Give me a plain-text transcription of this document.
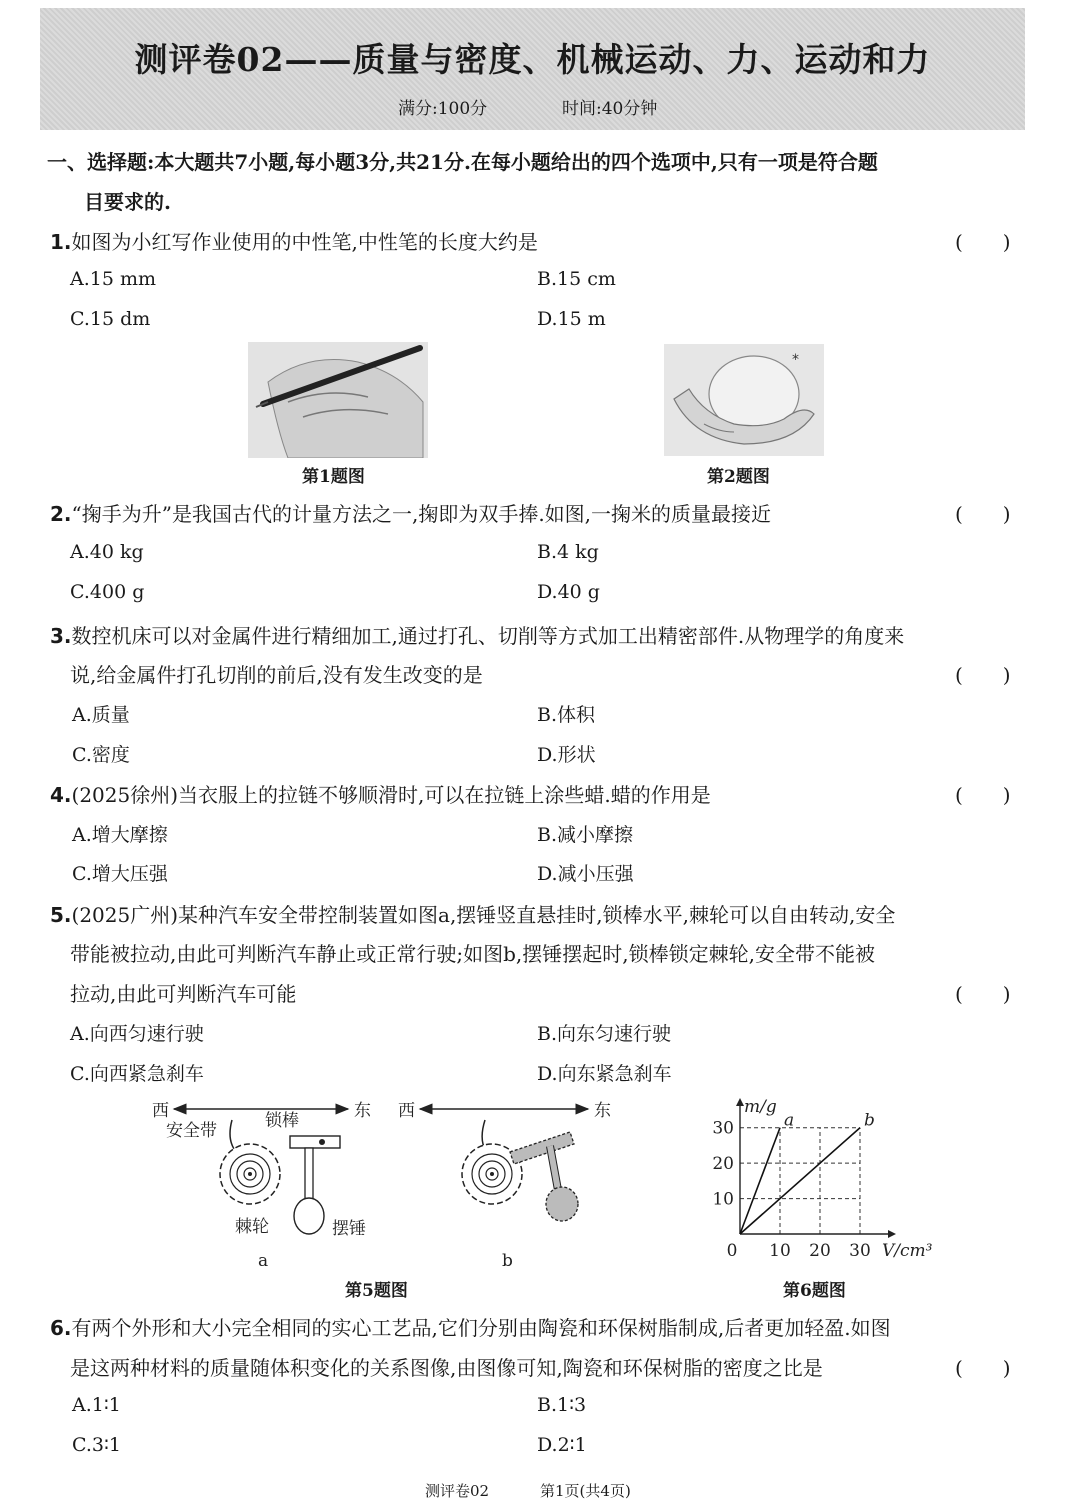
测评卷02——质量与密度、机械运动、力、运动和力
满分:100分	时间:40分钟
一、选择题:本大题共7小题,每小题3分,共21分.在每小题给出的四个选项中,只有一项是符合题
目要求的.
1.如图为小红写作业使用的中性笔,中性笔的长度大约是	(　　)
A.15 mm	B.15 cm
C.15 dm	D.15 m
第1题图
*
第2题图
2.“掬手为升”是我国古代的计量方法之一,掬即为双手捧.如图,一掬米的质量最接近	(　　)
A.40 kg	B.4 kg
C.400 g	D.40 g
3.数控机床可以对金属件进行精细加工,通过打孔、切削等方式加工出精密部件.从物理学的角度来
说,给金属件打孔切削的前后,没有发生改变的是	(　　)
A.质量	B.体积
C.密度	D.形状
4.(2025徐州)当衣服上的拉链不够顺滑时,可以在拉链上涂些蜡.蜡的作用是	(　　)
A.增大摩擦	B.减小摩擦
C.增大压强	D.减小压强
5.(2025广州)某种汽车安全带控制装置如图a,摆锤竖直悬挂时,锁棒水平,棘轮可以自由转动,安全
带能被拉动,由此可判断汽车静止或正常行驶;如图b,摆锤摆起时,锁棒锁定棘轮,安全带不能被
拉动,由此可判断汽车可能	(　　)
A.向西匀速行驶	B.向东匀速行驶
C.向西紧急刹车	D.向东紧急刹车
西	东
安全带	锁棒
棘轮	摆锤
a
西	东
b
第5题图
10
20
30
0 10 20 30
a	b
m/g
V/cm³
第6题图
6.有两个外形和大小完全相同的实心工艺品,它们分别由陶瓷和环保树脂制成,后者更加轻盈.如图
是这两种材料的质量随体积变化的关系图像,由图像可知,陶瓷和环保树脂的密度之比是	(　　)
A.1∶1	B.1∶3
C.3∶1	D.2∶1
测评卷02	第1页(共4页)
